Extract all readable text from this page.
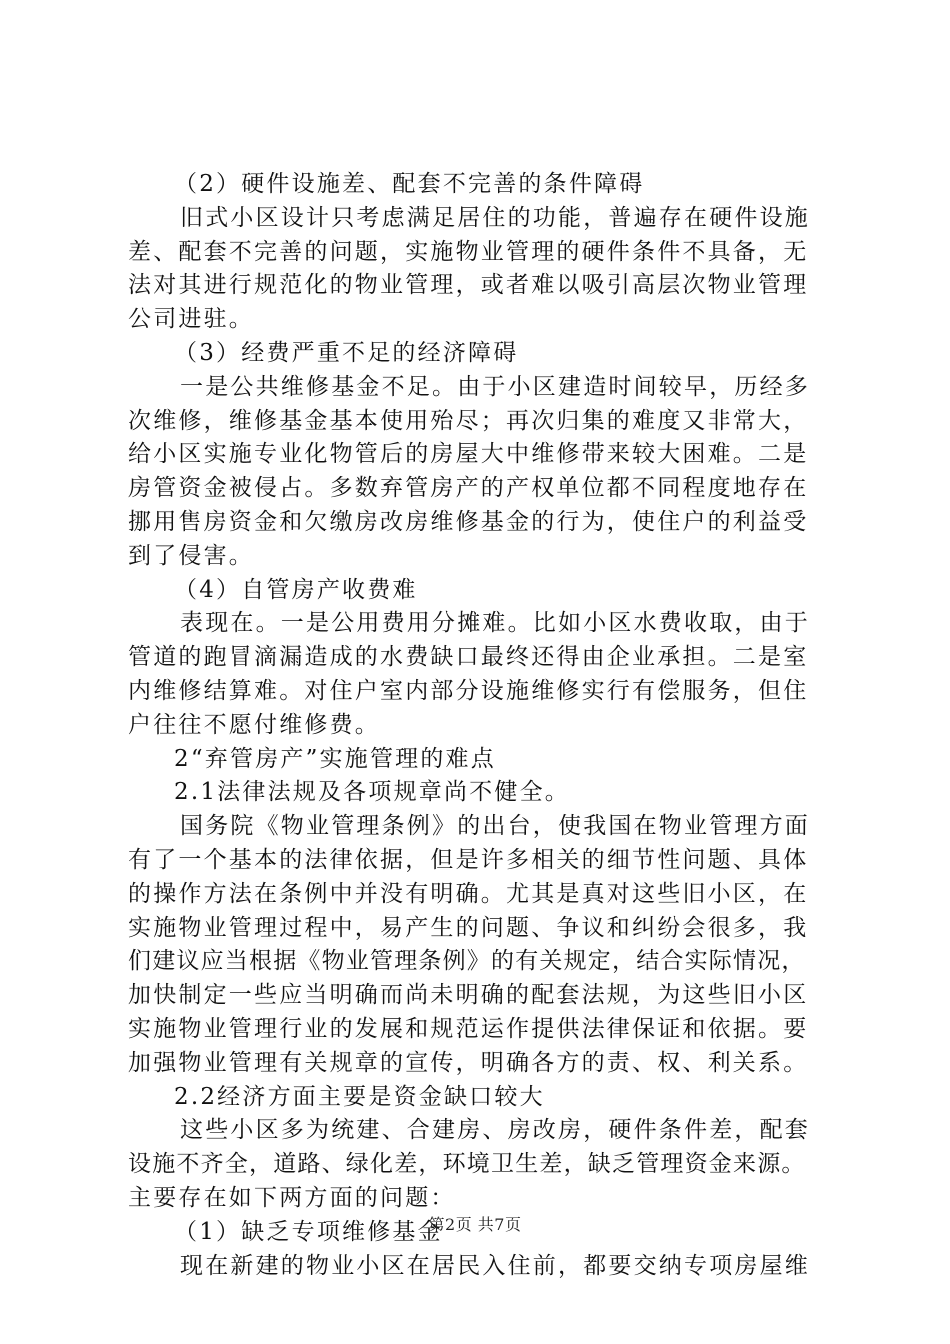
（2）硬件设施差、配套不完善的条件障碍
旧式小区设计只考虑满足居住的功能，普遍存在硬件设施
差、配套不完善的问题，实施物业管理的硬件条件不具备，无
法对其进行规范化的物业管理，或者难以吸引高层次物业管理
公司进驻。
（3）经费严重不足的经济障碍
一是公共维修基金不足。由于小区建造时间较早，历经多
次维修，维修基金基本使用殆尽；再次归集的难度又非常大，
给小区实施专业化物管后的房屋大中维修带来较大困难。二是
房管资金被侵占。多数弃管房产的产权单位都不同程度地存在
挪用售房资金和欠缴房改房维修基金的行为，使住户的利益受
到了侵害。
（4）自管房产收费难
表现在。一是公用费用分摊难。比如小区水费收取，由于
管道的跑冒滴漏造成的水费缺口最终还得由企业承担。二是室
内维修结算难。对住户室内部分设施维修实行有偿服务，但住
户往往不愿付维修费。
2“弃管房产”实施管理的难点
2.1法律法规及各项规章尚不健全。
国务院《物业管理条例》的出台，使我国在物业管理方面
有了一个基本的法律依据，但是许多相关的细节性问题、具体
的操作方法在条例中并没有明确。尤其是真对这些旧小区，在
实施物业管理过程中，易产生的问题、争议和纠纷会很多，我
们建议应当根据《物业管理条例》的有关规定，结合实际情况，
加快制定一些应当明确而尚未明确的配套法规，为这些旧小区
实施物业管理行业的发展和规范运作提供法律保证和依据。要
加强物业管理有关规章的宣传，明确各方的责、权、利关系。
2.2经济方面主要是资金缺口较大
这些小区多为统建、合建房、房改房，硬件条件差，配套
设施不齐全，道路、绿化差，环境卫生差，缺乏管理资金来源。
主要存在如下两方面的问题：
（1）缺乏专项维修基金
现在新建的物业小区在居民入住前，都要交纳专项房屋维
第2页 共7页
